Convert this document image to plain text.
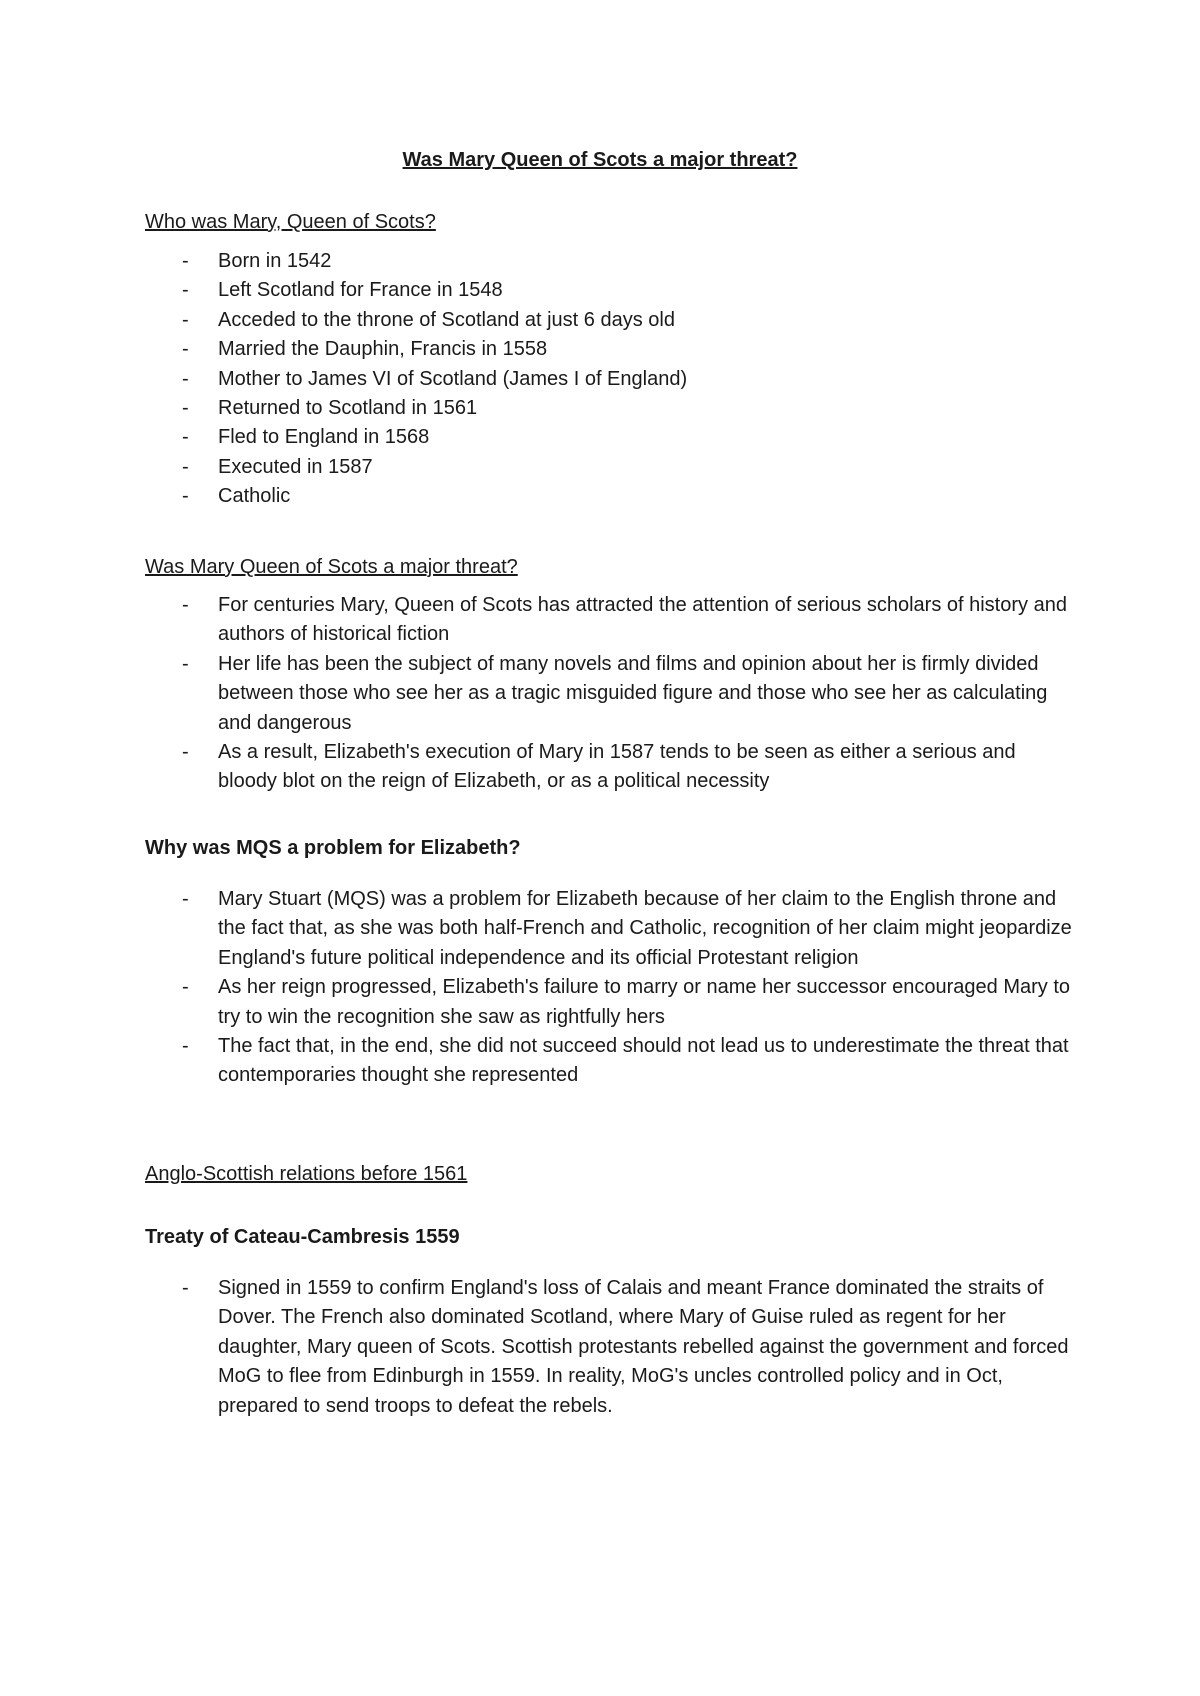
Was Mary Queen of Scots a major threat?
Who was Mary, Queen of Scots?
- Born in 1542
- Left Scotland for France in 1548
- Acceded to the throne of Scotland at just 6 days old
- Married the Dauphin, Francis in 1558
- Mother to James VI of Scotland (James I of England)
- Returned to Scotland in 1561
- Fled to England in 1568
- Executed in 1587
- Catholic
Was Mary Queen of Scots a major threat?
- For centuries Mary, Queen of Scots has attracted the attention of serious scholars of history and authors of historical fiction
- Her life has been the subject of many novels and films and opinion about her is firmly divided between those who see her as a tragic misguided figure and those who see her as calculating and dangerous
- As a result, Elizabeth's execution of Mary in 1587 tends to be seen as either a serious and bloody blot on the reign of Elizabeth, or as a political necessity
Why was MQS a problem for Elizabeth?
- Mary Stuart (MQS) was a problem for Elizabeth because of her claim to the English throne and the fact that, as she was both half-French and Catholic, recognition of her claim might jeopardize England's future political independence and its official Protestant religion
- As her reign progressed, Elizabeth's failure to marry or name her successor encouraged Mary to try to win the recognition she saw as rightfully hers
- The fact that, in the end, she did not succeed should not lead us to underestimate the threat that contemporaries thought she represented
Anglo-Scottish relations before 1561
Treaty of Cateau-Cambresis 1559
- Signed in 1559 to confirm England's loss of Calais and meant France dominated the straits of Dover. The French also dominated Scotland, where Mary of Guise ruled as regent for her daughter, Mary queen of Scots. Scottish protestants rebelled against the government and forced MoG to flee from Edinburgh in 1559. In reality, MoG's uncles controlled policy and in Oct, prepared to send troops to defeat the rebels.
